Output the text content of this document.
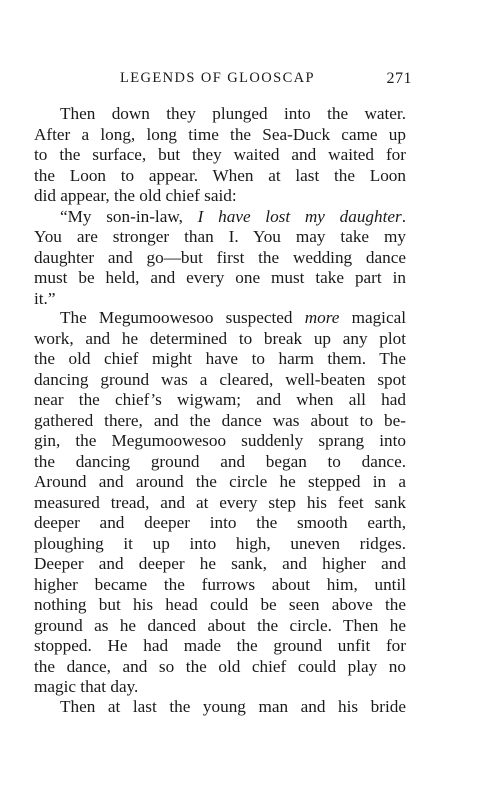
LEGENDS OF GLOOSCAP	271
Then down they plunged into the water.
After a long, long time the Sea-Duck came up
to the surface, but they waited and waited for
the Loon to appear. When at last the Loon
did appear, the old chief said:
“My son-in-law, I have lost my daughter.
You are stronger than I. You may take my
daughter and go—but first the wedding dance
must be held, and every one must take part in
it.”
The Megumoowesoo suspected more magical
work, and he determined to break up any plot
the old chief might have to harm them. The
dancing ground was a cleared, well-beaten spot
near the chief’s wigwam; and when all had
gathered there, and the dance was about to be-
gin, the Megumoowesoo suddenly sprang into
the dancing ground and began to dance.
Around and around the circle he stepped in a
measured tread, and at every step his feet sank
deeper and deeper into the smooth earth,
ploughing it up into high, uneven ridges.
Deeper and deeper he sank, and higher and
higher became the furrows about him, until
nothing but his head could be seen above the
ground as he danced about the circle. Then he
stopped. He had made the ground unfit for
the dance, and so the old chief could play no
magic that day.
Then at last the young man and his bride
